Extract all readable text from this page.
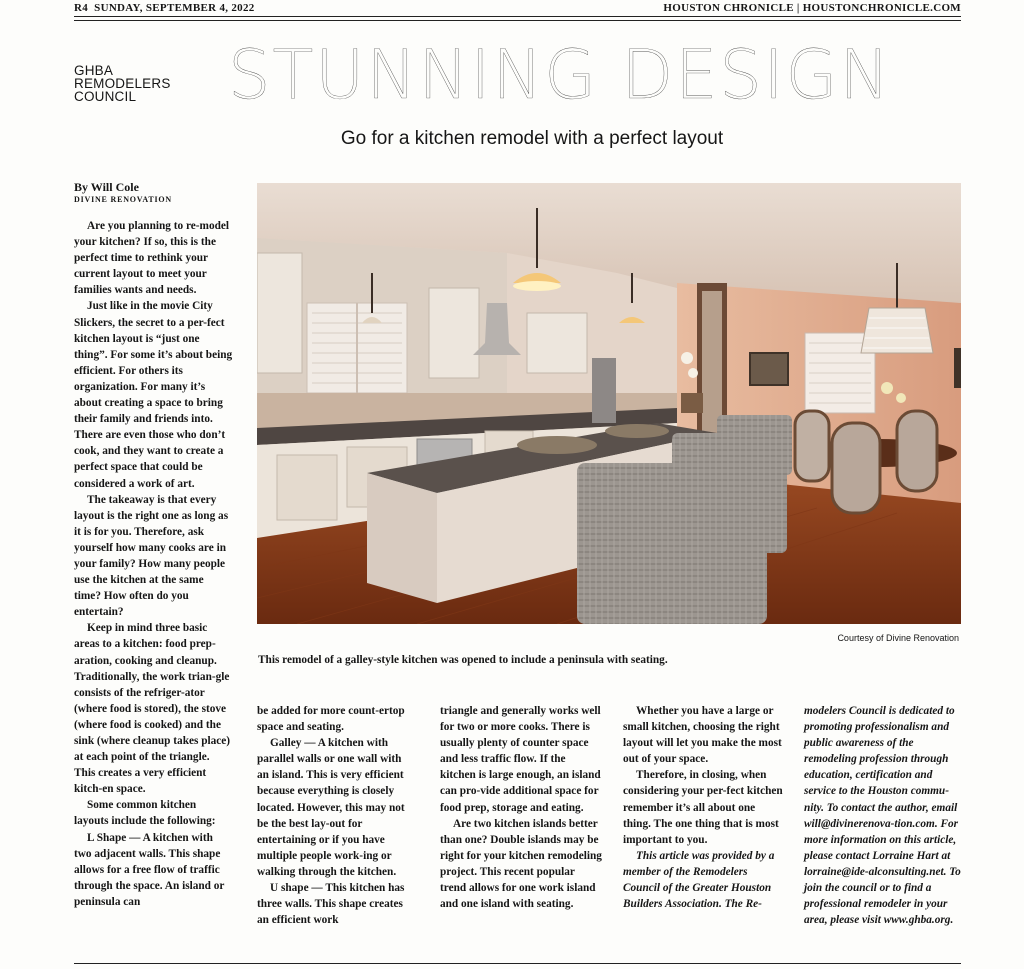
R4 SUNDAY, SEPTEMBER 4, 2022	HOUSTON CHRONICLE | HOUSTONCHRONICLE.COM
GHBA
REMODELERS
COUNCIL	STUNNING DESIGN
Go for a kitchen remodel with a perfect layout
By Will Cole
DIVINE RENOVATION

Are you planning to re-model your kitchen? If so, this is the perfect time to rethink your current layout to meet your families wants and needs.

Just like in the movie City Slickers, the secret to a per-fect kitchen layout is “just one thing”. For some it’s about being efficient. For others its organization. For many it’s about creating a space to bring their family and friends into. There are even those who don’t cook, and they want to create a perfect space that could be considered a work of art.

The takeaway is that every layout is the right one as long as it is for you. Therefore, ask yourself how many cooks are in your family? How many people use the kitchen at the same time? How often do you entertain?

Keep in mind three basic areas to a kitchen: food prep-aration, cooking and cleanup. Traditionally, the work trian-gle consists of the refriger-ator (where food is stored), the stove (where food is cooked) and the sink (where cleanup takes place) at each point of the triangle. This creates a very efficient kitch-en space.

Some common kitchen layouts include the following:

L Shape — A kitchen with two adjacent walls. This shape allows for a free flow of traffic through the space. An island or peninsula can

Courtesy of Divine Renovation
This remodel of a galley-style kitchen was opened to include a peninsula with seating.

be added for more count-ertop space and seating.

Galley — A kitchen with parallel walls or one wall with an island. This is very efficient because everything is closely located. However, this may not be the best lay-out for entertaining or if you have multiple people work-ing or walking through the kitchen.

U shape — This kitchen has three walls. This shape creates an efficient work

triangle and generally works well for two or more cooks. There is usually plenty of counter space and less traffic flow. If the kitchen is large enough, an island can pro-vide additional space for food prep, storage and eating.

Are two kitchen islands better than one? Double islands may be right for your kitchen remodeling project. This recent popular trend allows for one work island and one island with seating.

Whether you have a large or small kitchen, choosing the right layout will let you make the most out of your space.

Therefore, in closing, when considering your per-fect kitchen remember it’s all about one thing. The one thing that is most important to you.

This article was provided by a member of the Remodelers Council of the Greater Houston Builders Association. The Re-

modelers Council is dedicated to promoting professionalism and public awareness of the remodeling profession through education, certification and service to the Houston commu-nity. To contact the author, email will@divinerenova-tion.com. For more information on this article, please contact Lorraine Hart at lorraine@ide-alconsulting.net. To join the council or to find a professional remodeler in your area, please visit www.ghba.org.
